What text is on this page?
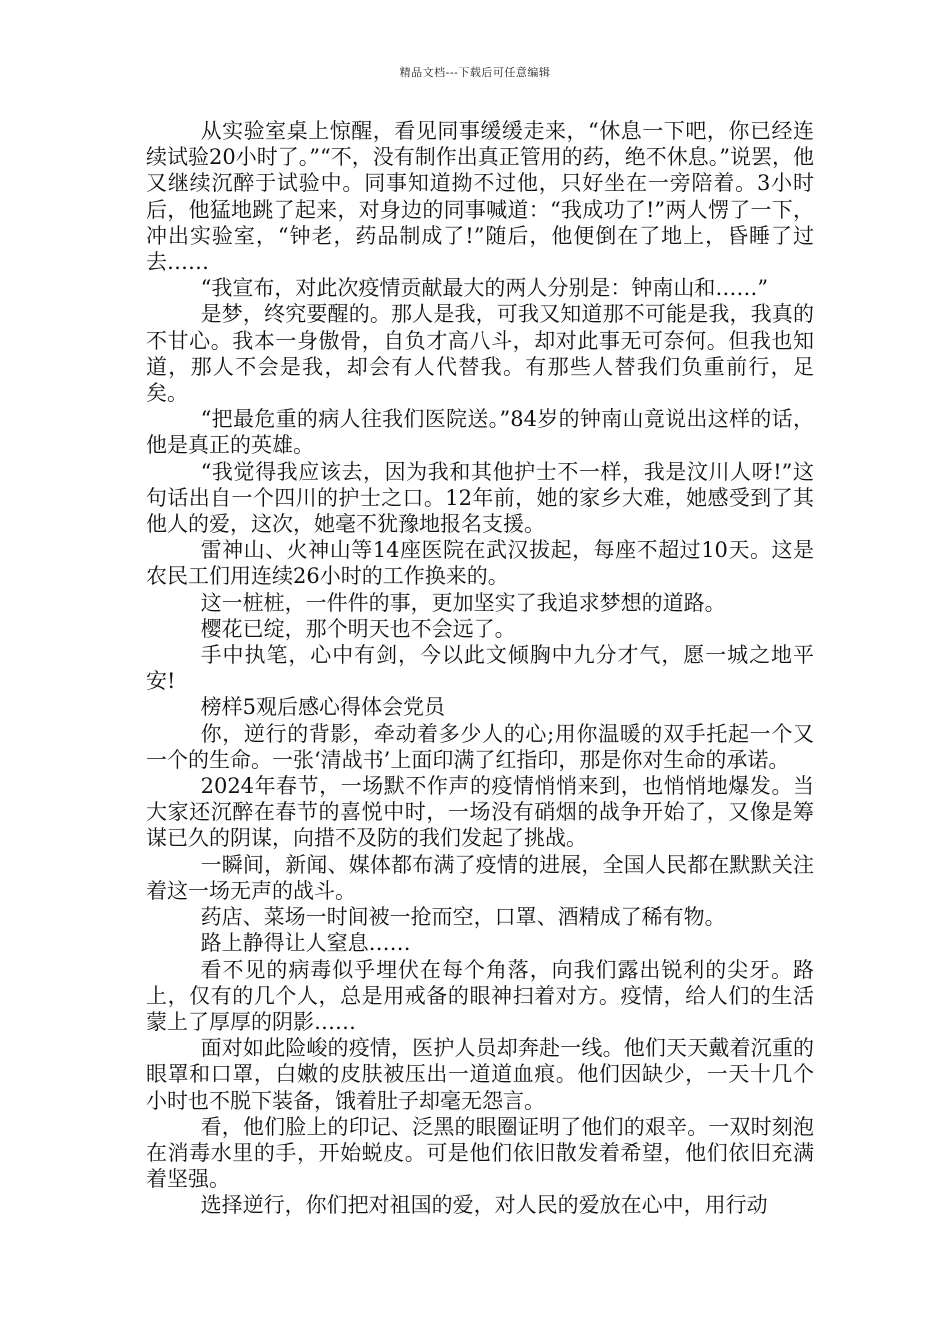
精品文档---下载后可任意编辑

从实验室桌上惊醒，看见同事缓缓走来，“休息一下吧，你已经连续试验20小时了。”“不，没有制作出真正管用的药，绝不休息。”说罢，他又继续沉醉于试验中。同事知道拗不过他，只好坐在一旁陪着。3小时后，他猛地跳了起来，对身边的同事喊道：“我成功了!”两人愣了一下，冲出实验室，“钟老，药品制成了!”随后，他便倒在了地上，昏睡了过去……

“我宣布，对此次疫情贡献最大的两人分别是：钟南山和……”

是梦，终究要醒的。那人是我，可我又知道那不可能是我，我真的不甘心。我本一身傲骨，自负才高八斗，却对此事无可奈何。但我也知道，那人不会是我，却会有人代替我。有那些人替我们负重前行，足矣。

“把最危重的病人往我们医院送。”84岁的钟南山竟说出这样的话，他是真正的英雄。

“我觉得我应该去，因为我和其他护士不一样，我是汶川人呀!”这句话出自一个四川的护士之口。12年前，她的家乡大难，她感受到了其他人的爱，这次，她毫不犹豫地报名支援。

雷神山、火神山等14座医院在武汉拔起，每座不超过10天。这是农民工们用连续26小时的工作换来的。

这一桩桩，一件件的事，更加坚实了我追求梦想的道路。

樱花已绽，那个明天也不会远了。

手中执笔，心中有剑，今以此文倾胸中九分才气，愿一城之地平安!

榜样5观后感心得体会党员

你，逆行的背影，牵动着多少人的心;用你温暖的双手托起一个又一个的生命。一张‘清战书’上面印满了红指印，那是你对生命的承诺。

2024年春节，一场默不作声的疫情悄悄来到，也悄悄地爆发。当大家还沉醉在春节的喜悦中时，一场没有硝烟的战争开始了，又像是筹谋已久的阴谋，向措不及防的我们发起了挑战。

一瞬间，新闻、媒体都布满了疫情的进展，全国人民都在默默关注着这一场无声的战斗。

药店、菜场一时间被一抢而空，口罩、酒精成了稀有物。

路上静得让人窒息……

看不见的病毒似乎埋伏在每个角落，向我们露出锐利的尖牙。路上，仅有的几个人，总是用戒备的眼神扫着对方。疫情，给人们的生活蒙上了厚厚的阴影……

面对如此险峻的疫情，医护人员却奔赴一线。他们天天戴着沉重的眼罩和口罩，白嫩的皮肤被压出一道道血痕。他们因缺少，一天十几个小时也不脱下装备，饿着肚子却毫无怨言。

看，他们脸上的印记、泛黑的眼圈证明了他们的艰辛。一双时刻泡在消毒水里的手，开始蜕皮。可是他们依旧散发着希望，他们依旧充满着坚强。

选择逆行，你们把对祖国的爱，对人民的爱放在心中，用行动
